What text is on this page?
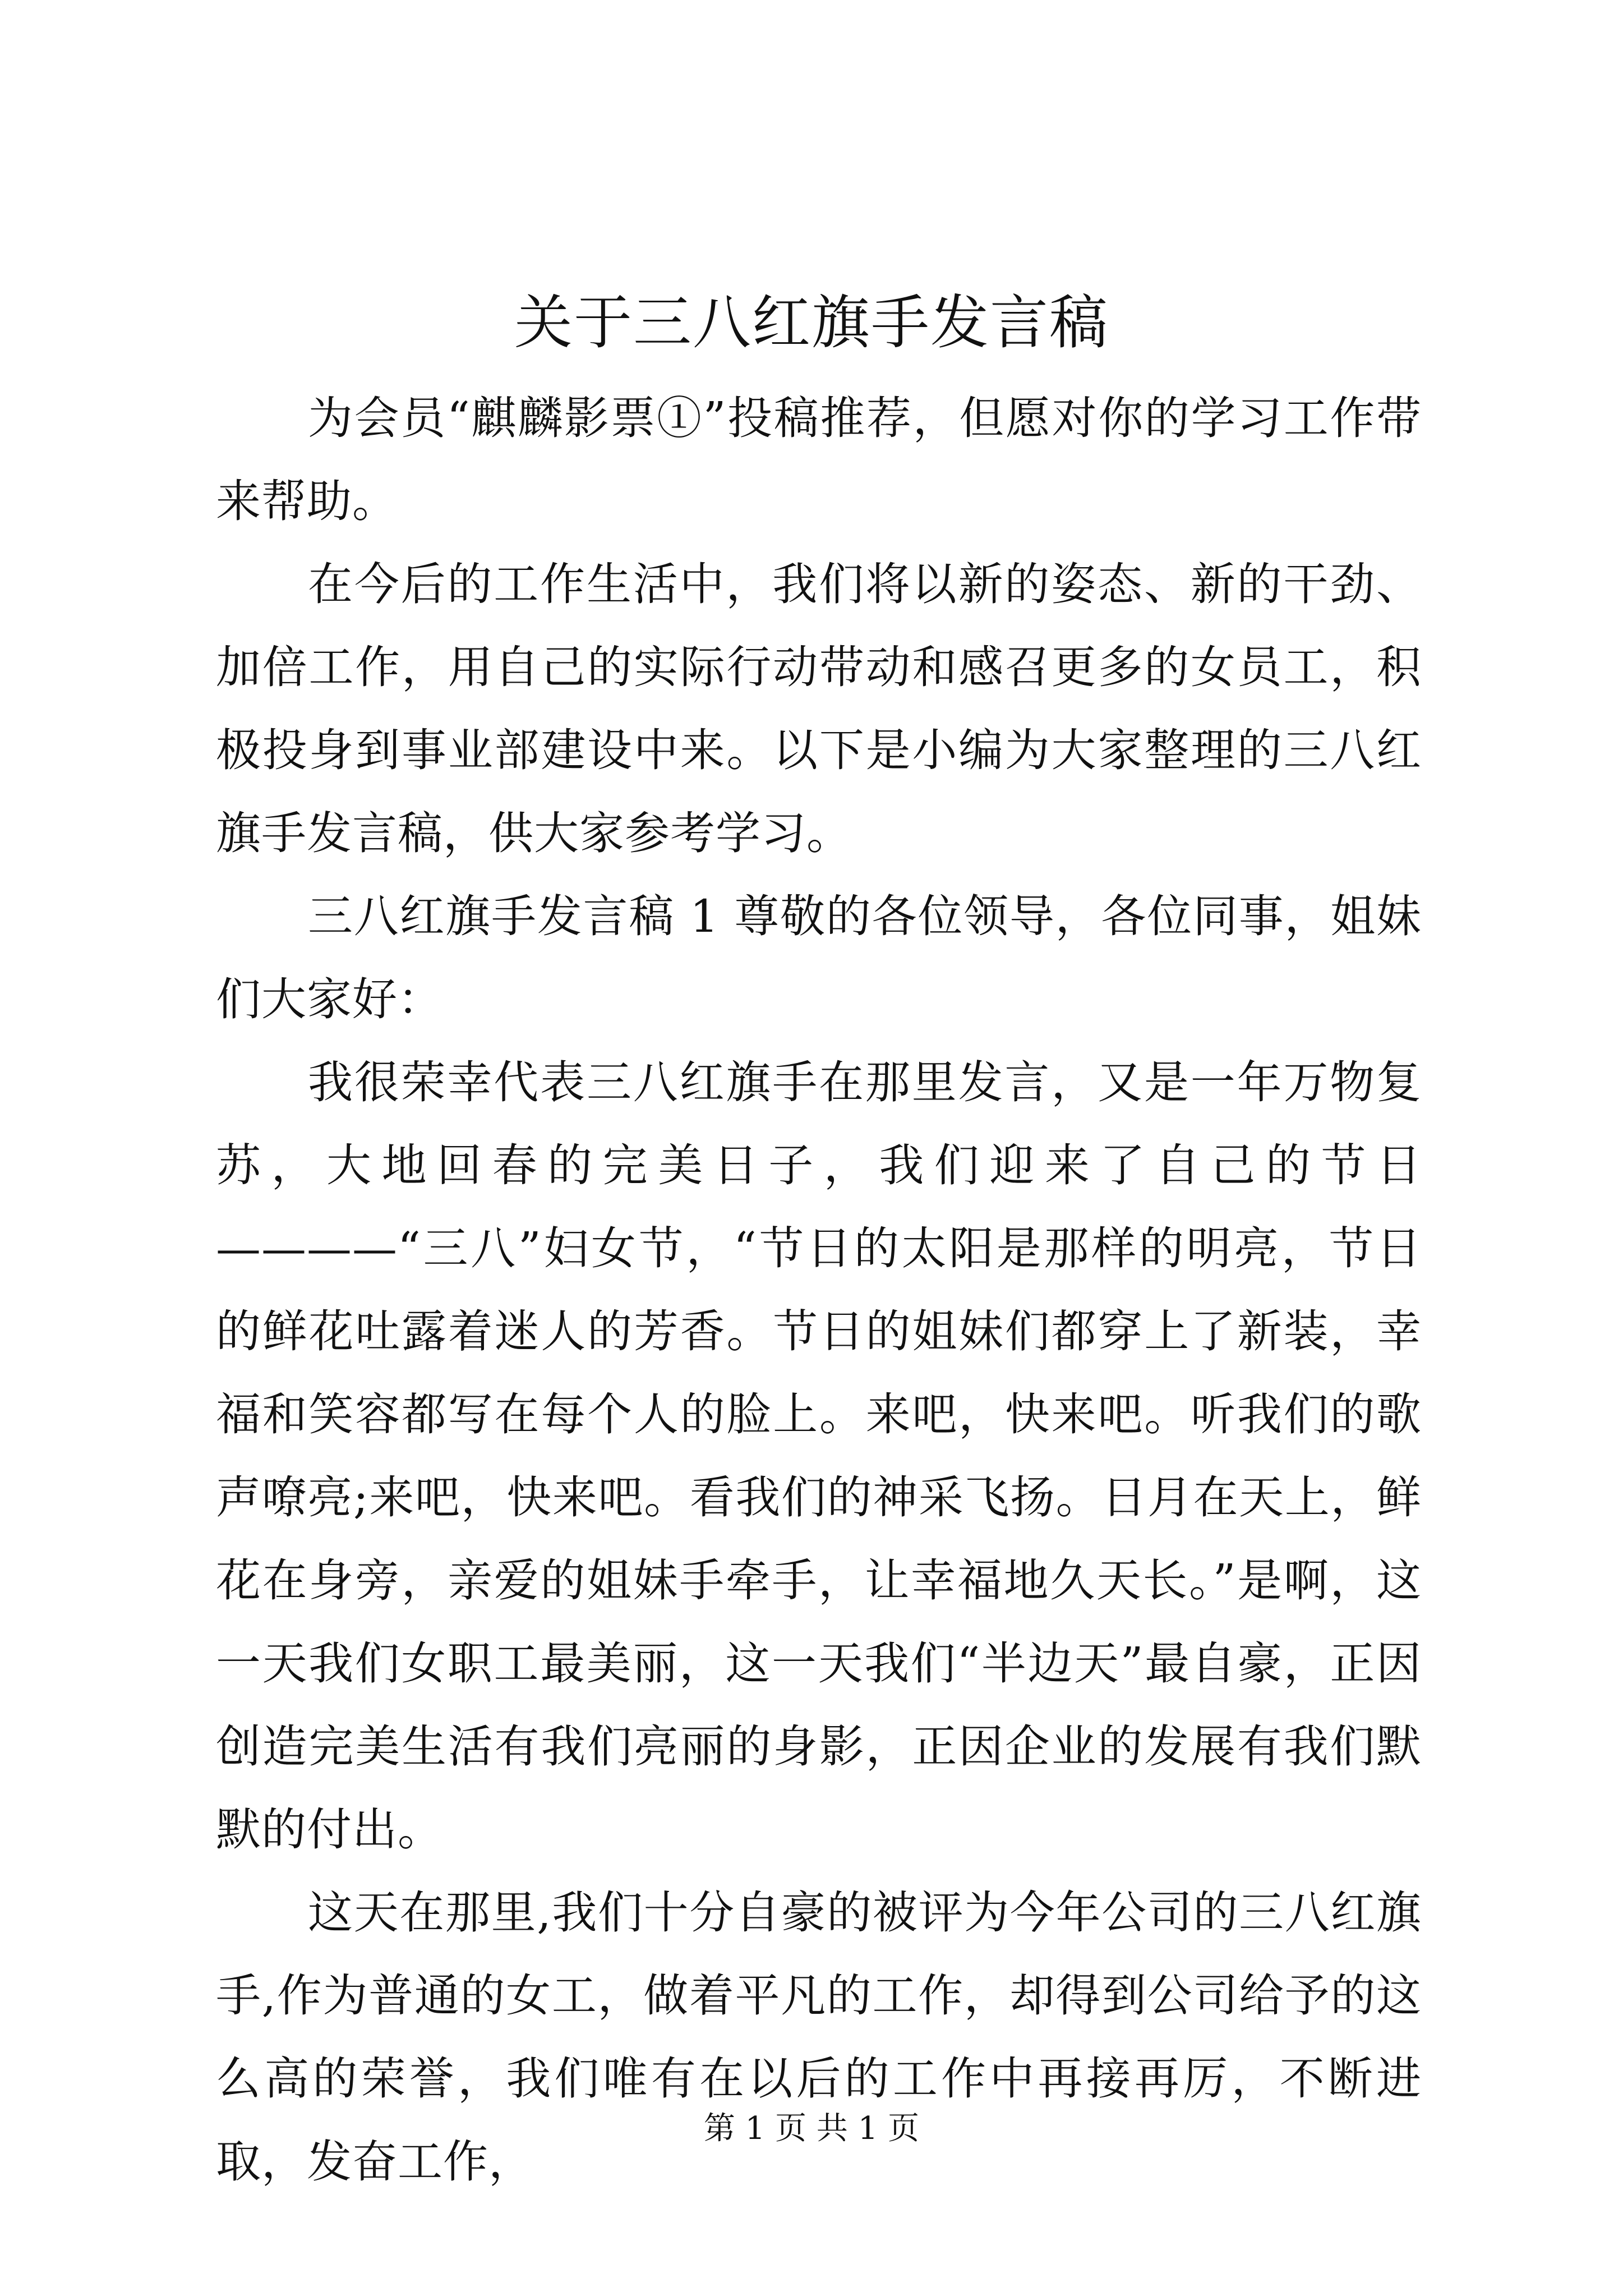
关于三八红旗手发言稿

为会员“麒麟影票①”投稿推荐，但愿对你的学习工作带来帮助。

在今后的工作生活中，我们将以新的姿态、新的干劲、加倍工作，用自己的实际行动带动和感召更多的女员工，积极投身到事业部建设中来。以下是小编为大家整理的三八红旗手发言稿，供大家参考学习。

三八红旗手发言稿 1 尊敬的各位领导，各位同事，姐妹们大家好：

我很荣幸代表三八红旗手在那里发言，又是一年万物复苏，大地回春的完美日子，我们迎来了自己的节日————“三八”妇女节，“节日的太阳是那样的明亮，节日的鲜花吐露着迷人的芳香。节日的姐妹们都穿上了新装，幸福和笑容都写在每个人的脸上。来吧，快来吧。听我们的歌声嘹亮;来吧，快来吧。看我们的神采飞扬。日月在天上，鲜花在身旁，亲爱的姐妹手牵手，让幸福地久天长。”是啊，这一天我们女职工最美丽，这一天我们“半边天”最自豪，正因创造完美生活有我们亮丽的身影，正因企业的发展有我们默默的付出。

这天在那里,我们十分自豪的被评为今年公司的三八红旗手,作为普通的女工，做着平凡的工作，却得到公司给予的这么高的荣誉，我们唯有在以后的工作中再接再厉，不断进取，发奋工作，

第 1 页 共 1 页
